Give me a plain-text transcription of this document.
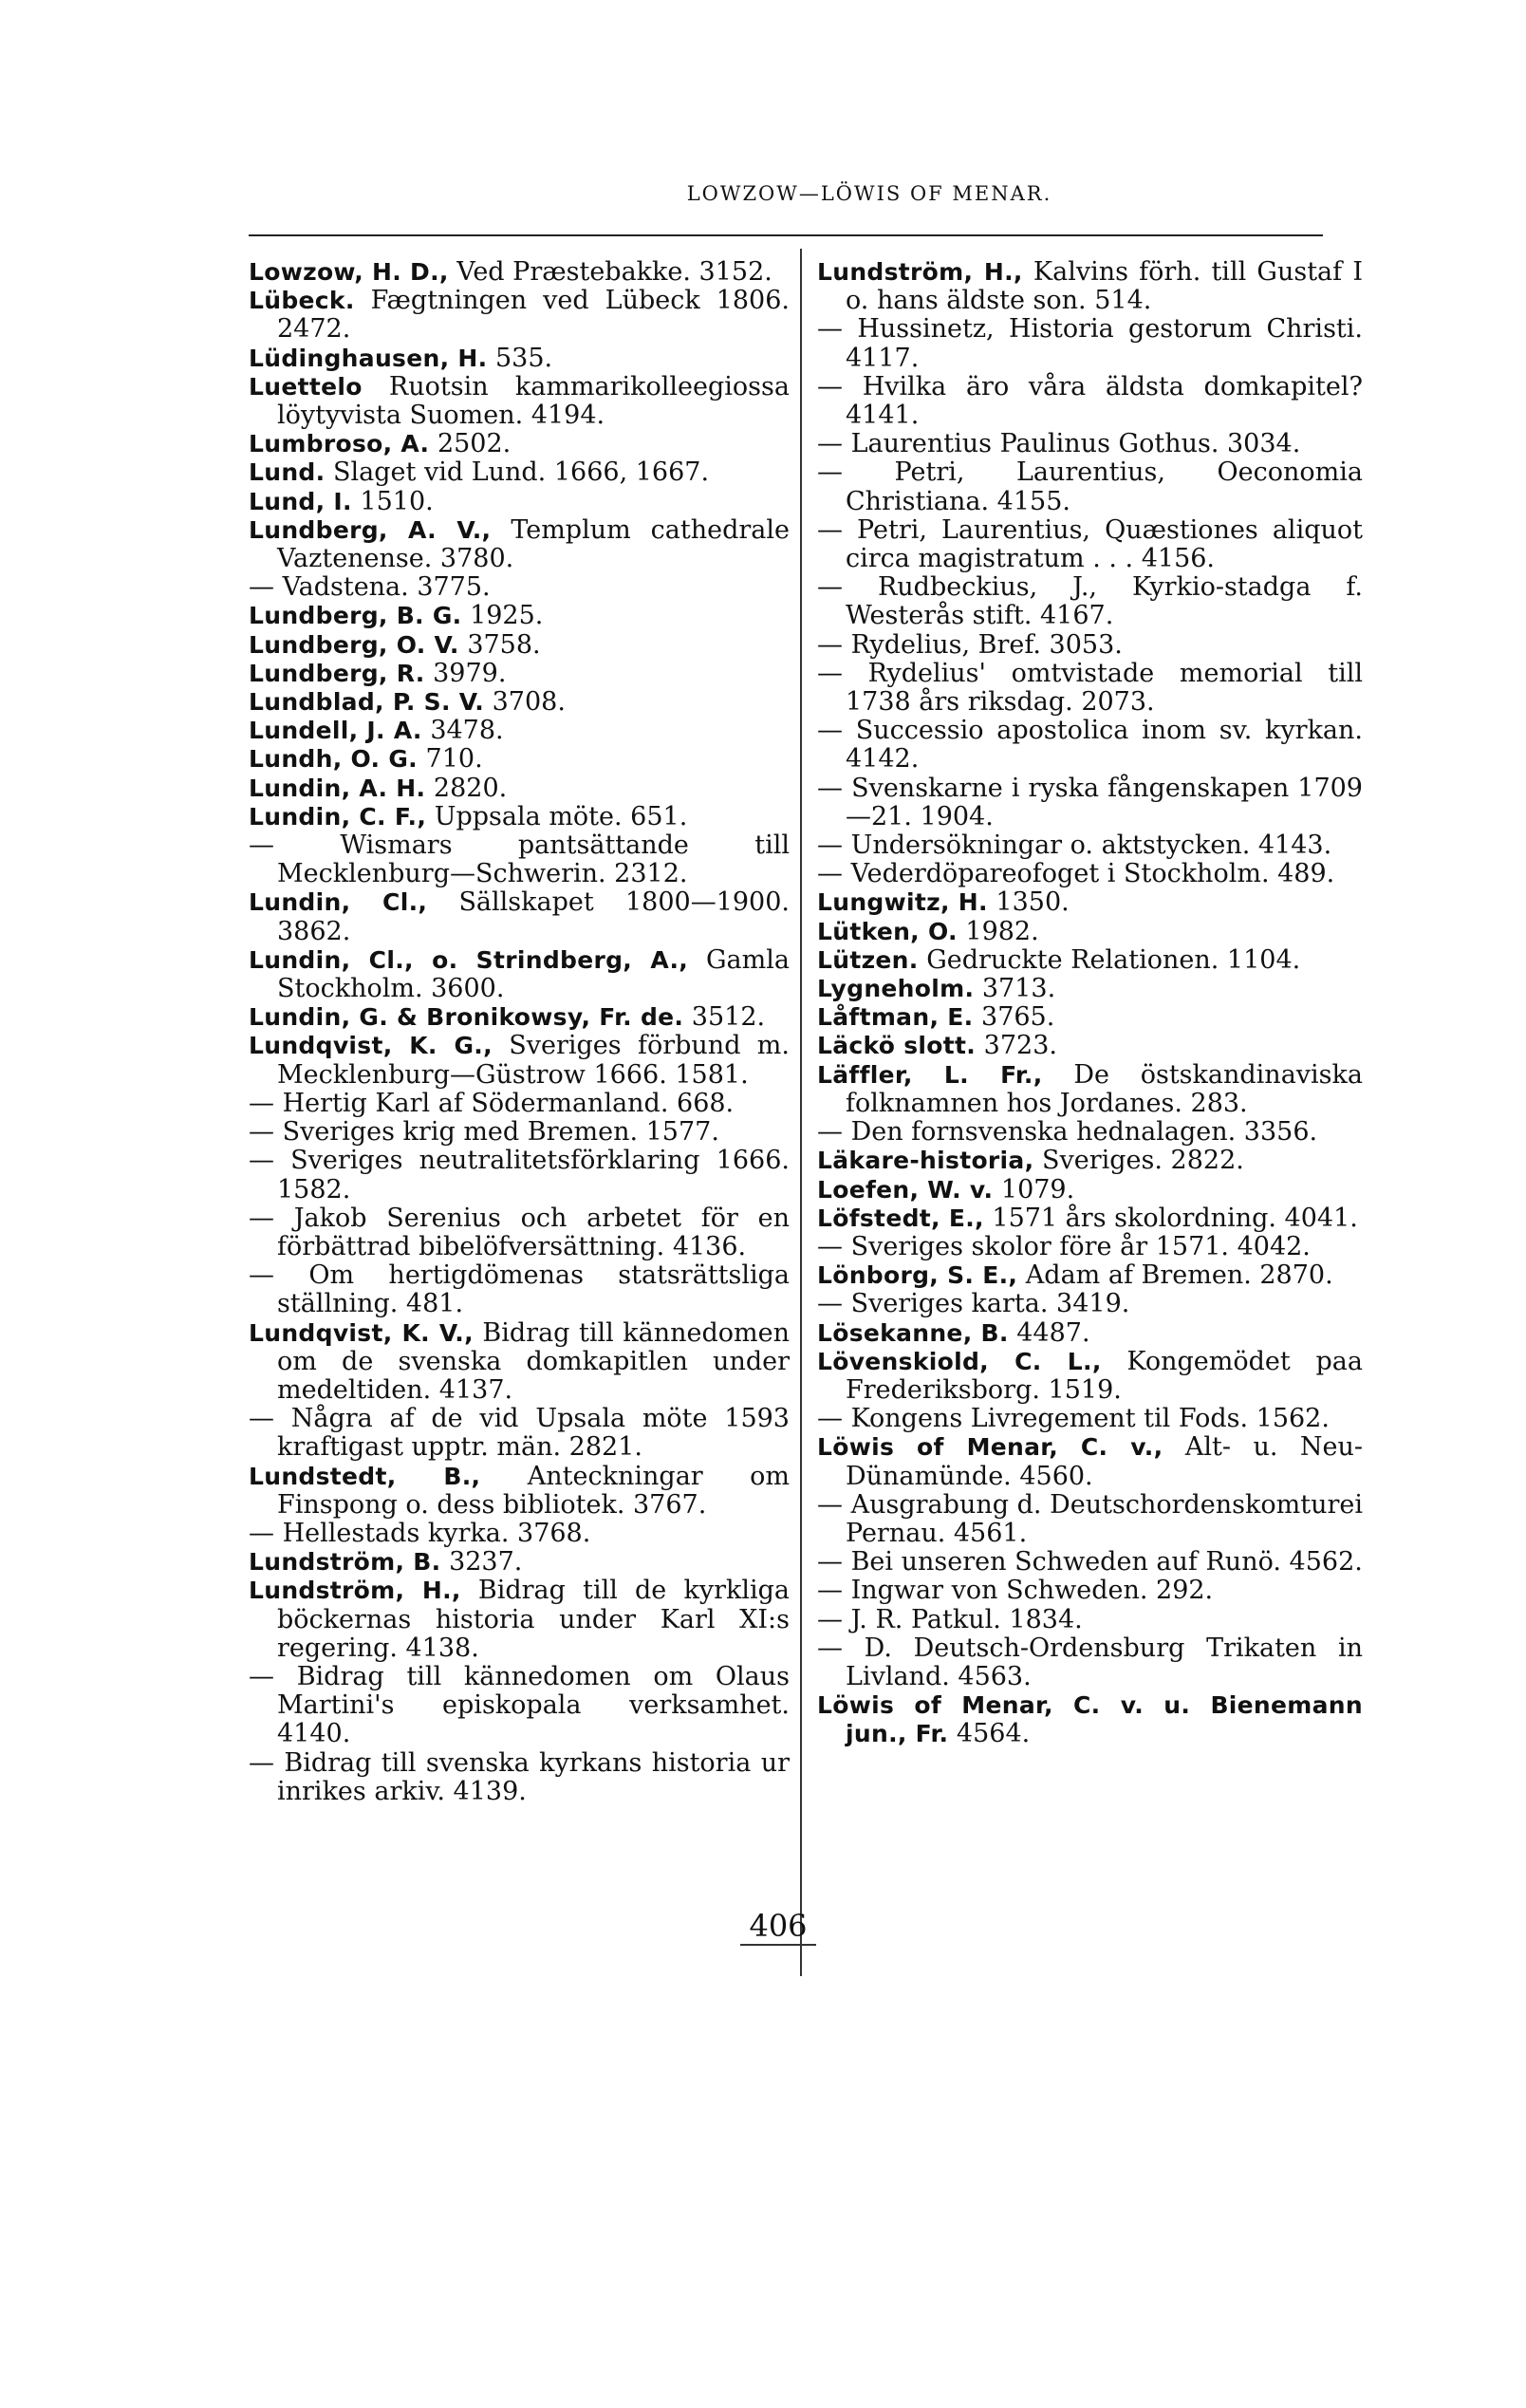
LOWZOW—LÖWIS OF MENAR.

Lowzow, H. D., Ved Præstebakke. 3152.

Lübeck. Fægtningen ved Lübeck 1806. 2472.

Lüdinghausen, H. 535.

Luettelo Ruotsin kammarikolleegiossa löytyvista Suomen. 4194.

Lumbroso, A. 2502.

Lund. Slaget vid Lund. 1666, 1667.

Lund, I. 1510.

Lundberg, A. V., Templum cathedrale Vaztenense. 3780.

— Vadstena. 3775.

Lundberg, B. G. 1925.

Lundberg, O. V. 3758.

Lundberg, R. 3979.

Lundblad, P. S. V. 3708.

Lundell, J. A. 3478.

Lundh, O. G. 710.

Lundin, A. H. 2820.

Lundin, C. F., Uppsala möte. 651.

— Wismars pantsättande till Mecklenburg—Schwerin. 2312.

Lundin, Cl., Sällskapet 1800—1900. 3862.

Lundin, Cl., o. Strindberg, A., Gamla Stockholm. 3600.

Lundin, G. & Bronikowsy, Fr. de. 3512.

Lundqvist, K. G., Sveriges förbund m. Mecklenburg—Güstrow 1666. 1581.

— Hertig Karl af Södermanland. 668.

— Sveriges krig med Bremen. 1577.

— Sveriges neutralitetsförklaring 1666. 1582.

— Jakob Serenius och arbetet för en förbättrad bibelöfversättning. 4136.

— Om hertigdömenas statsrättsliga ställning. 481.

Lundqvist, K. V., Bidrag till kännedomen om de svenska domkapitlen under medeltiden. 4137.

— Några af de vid Upsala möte 1593 kraftigast upptr. män. 2821.

Lundstedt, B., Anteckningar om Finspong o. dess bibliotek. 3767.

— Hellestads kyrka. 3768.

Lundström, B. 3237.

Lundström, H., Bidrag till de kyrkliga böckernas historia under Karl XI:s regering. 4138.

— Bidrag till kännedomen om Olaus Martini's episkopala verksamhet. 4140.

— Bidrag till svenska kyrkans historia ur inrikes arkiv. 4139.

Lundström, H., Kalvins förh. till Gustaf I o. hans äldste son. 514.

— Hussinetz, Historia gestorum Christi. 4117.

— Hvilka äro våra äldsta domkapitel? 4141.

— Laurentius Paulinus Gothus. 3034.

— Petri, Laurentius, Oeconomia Christiana. 4155.

— Petri, Laurentius, Quæstiones aliquot circa magistratum . . . 4156.

— Rudbeckius, J., Kyrkio-stadga f. Westerås stift. 4167.

— Rydelius, Bref. 3053.

— Rydelius' omtvistade memorial till 1738 års riksdag. 2073.

— Successio apostolica inom sv. kyrkan. 4142.

— Svenskarne i ryska fångenskapen 1709—21. 1904.

— Undersökningar o. aktstycken. 4143.

— Vederdöpareofoget i Stockholm. 489.

Lungwitz, H. 1350.

Lütken, O. 1982.

Lützen. Gedruckte Relationen. 1104.

Lygneholm. 3713.

Låftman, E. 3765.

Läckö slott. 3723.

Läffler, L. Fr., De östskandinaviska folknamnen hos Jordanes. 283.

— Den fornsvenska hednalagen. 3356.

Läkare-historia, Sveriges. 2822.

Loefen, W. v. 1079.

Löfstedt, E., 1571 års skolordning. 4041.

— Sveriges skolor före år 1571. 4042.

Lönborg, S. E., Adam af Bremen. 2870.

— Sveriges karta. 3419.

Lösekanne, B. 4487.

Lövenskiold, C. L., Kongemödet paa Frederiksborg. 1519.

— Kongens Livregement til Fods. 1562.

Löwis of Menar, C. v., Alt- u. Neu-Dünamünde. 4560.

— Ausgrabung d. Deutschordenskomturei Pernau. 4561.

— Bei unseren Schweden auf Runö. 4562.

— Ingwar von Schweden. 292.

— J. R. Patkul. 1834.

— D. Deutsch-Ordensburg Trikaten in Livland. 4563.

Löwis of Menar, C. v. u. Bienemann jun., Fr. 4564.

406
